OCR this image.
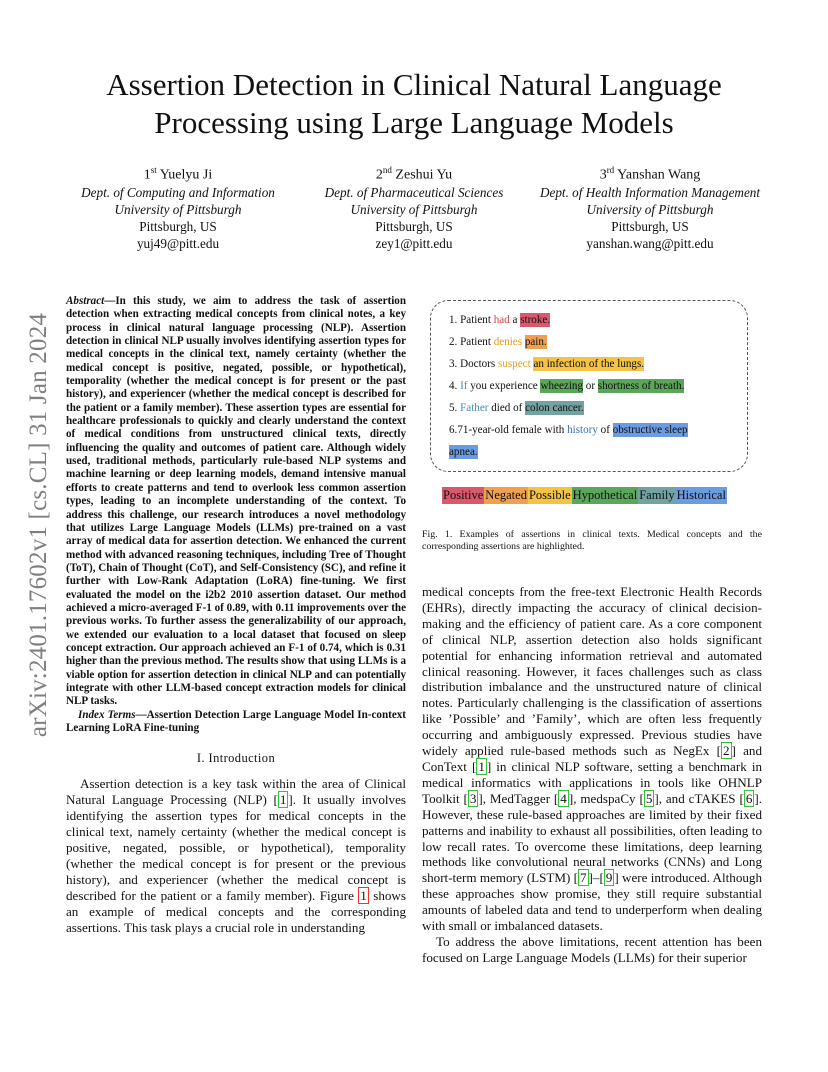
arXiv:2401.17602v1 [cs.CL] 31 Jan 2024
Assertion Detection in Clinical Natural Language Processing using Large Language Models
1st Yuelyu Ji
Dept. of Computing and Information
University of Pittsburgh
Pittsburgh, US
yuj49@pitt.edu
2nd Zeshui Yu
Dept. of Pharmaceutical Sciences
University of Pittsburgh
Pittsburgh, US
zey1@pitt.edu
3rd Yanshan Wang
Dept. of Health Information Management
University of Pittsburgh
Pittsburgh, US
yanshan.wang@pitt.edu

Abstract—In this study, we aim to address the task of assertion detection when extracting medical concepts from clinical notes, a key process in clinical natural language processing (NLP). Assertion detection in clinical NLP usually involves identifying assertion types for medical concepts in the clinical text, namely certainty (whether the medical concept is positive, negated, possible, or hypothetical), temporality (whether the medical concept is for present or the past history), and experiencer (whether the medical concept is described for the patient or a family member). These assertion types are essential for healthcare professionals to quickly and clearly understand the context of medical conditions from unstructured clinical texts, directly influencing the quality and outcomes of patient care. Although widely used, traditional methods, particularly rule-based NLP systems and machine learning or deep learning models, demand intensive manual efforts to create patterns and tend to overlook less common assertion types, leading to an incomplete understanding of the context. To address this challenge, our research introduces a novel methodology that utilizes Large Language Models (LLMs) pre-trained on a vast array of medical data for assertion detection. We enhanced the current method with advanced reasoning techniques, including Tree of Thought (ToT), Chain of Thought (CoT), and Self-Consistency (SC), and refine it further with Low-Rank Adaptation (LoRA) fine-tuning. We first evaluated the model on the i2b2 2010 assertion dataset. Our method achieved a micro-averaged F-1 of 0.89, with 0.11 improvements over the previous works. To further assess the generalizability of our approach, we extended our evaluation to a local dataset that focused on sleep concept extraction. Our approach achieved an F-1 of 0.74, which is 0.31 higher than the previous method. The results show that using LLMs is a viable option for assertion detection in clinical NLP and can potentially integrate with other LLM-based concept extraction models for clinical NLP tasks.

Index Terms—Assertion Detection Large Language Model In-context Learning LoRA Fine-tuning

I. Introduction

Assertion detection is a key task within the area of Clinical Natural Language Processing (NLP) [ 1 ]. It usually involves identifying the assertion types for medical concepts in the clinical text, namely certainty (whether the medical concept is positive, negated, possible, or hypothetical), temporality (whether the medical concept is for present or the previous history), and experiencer (whether the medical concept is described for the patient or a family member). Figure 1 shows an example of medical concepts and the corresponding assertions. This task plays a crucial role in understanding

1. Patient had a stroke.
2. Patient denies pain.
3. Doctors suspect an infection of the lungs.
4. If you experience wheezing or shortness of breath.
5. Father died of colon cancer.
6.71-year-old female with history of obstructive sleep
apnea.
Positive Negated Possible Hypothetical Family Historical

Fig. 1. Examples of assertions in clinical texts. Medical concepts and the corresponding assertions are highlighted.

medical concepts from the free-text Electronic Health Records (EHRs), directly impacting the accuracy of clinical decision-making and the efficiency of patient care. As a core component of clinical NLP, assertion detection also holds significant potential for enhancing information retrieval and automated clinical reasoning. However, it faces challenges such as class distribution imbalance and the unstructured nature of clinical notes. Particularly challenging is the classification of assertions like ’Possible’ and ’Family’, which are often less frequently occurring and ambiguously expressed. Previous studies have widely applied rule-based methods such as NegEx [ 2 ] and ConText [ 1 ] in clinical NLP software, setting a benchmark in medical informatics with applications in tools like OHNLP Toolkit [ 3 ], MedTagger [ 4 ], medspaCy [ 5 ], and cTAKES [ 6 ]. However, these rule-based approaches are limited by their fixed patterns and inability to exhaust all possibilities, often leading to low recall rates. To overcome these limitations, deep learning methods like convolutional neural networks (CNNs) and Long short-term memory (LSTM) [ 7 ]–[ 9 ] were introduced. Although these approaches show promise, they still require substantial amounts of labeled data and tend to underperform when dealing with small or imbalanced datasets.

To address the above limitations, recent attention has been focused on Large Language Models (LLMs) for their superior
